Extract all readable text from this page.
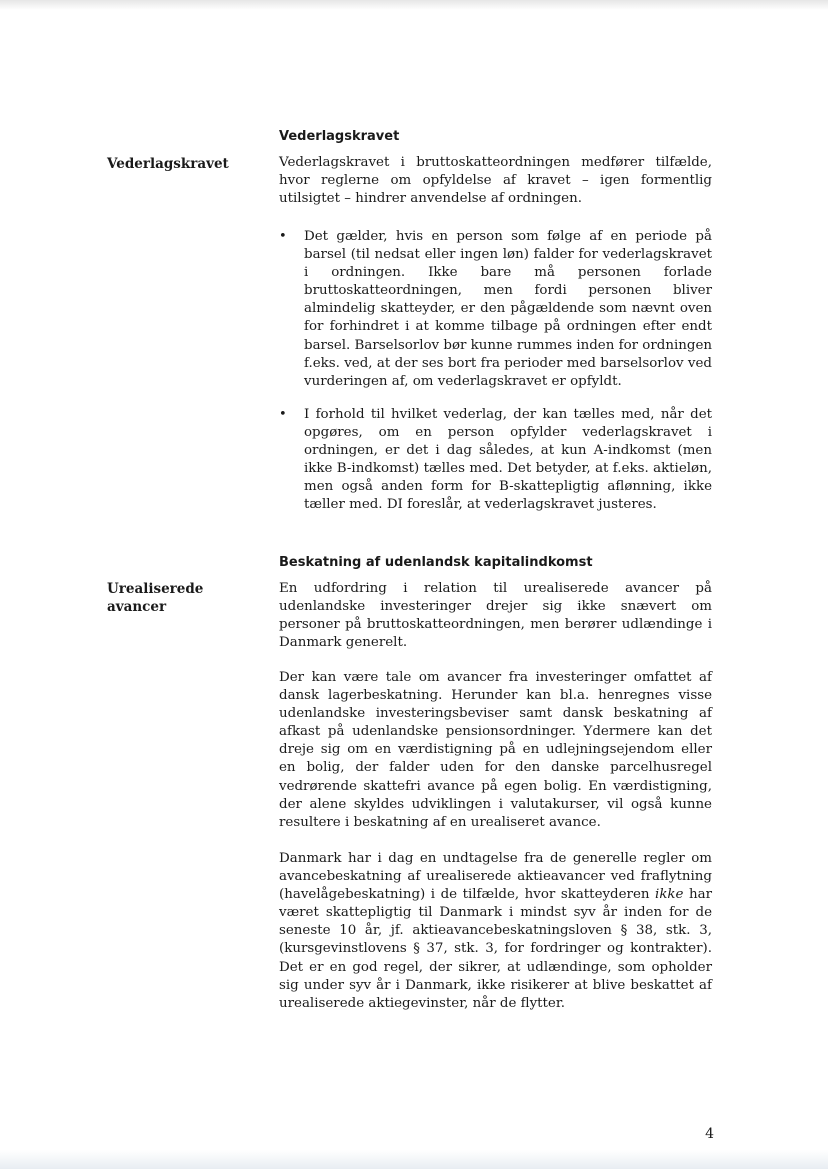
Vederlagskravet
Vederlagskravet	Vederlagskravet i bruttoskatteordningen medfører tilfælde, hvor reglerne om opfyldelse af kravet – igen formentlig utilsigtet – hindrer anvendelse af ordningen.
•	Det gælder, hvis en person som følge af en periode på barsel (til nedsat eller ingen løn) falder for vederlagskravet i ordningen. Ikke bare må personen forlade bruttoskatteordningen, men fordi personen bliver almindelig skatteyder, er den pågældende som nævnt oven for forhindret i at komme tilbage på ordningen efter endt barsel. Barselsorlov bør kunne rummes inden for ordningen f.eks. ved, at der ses bort fra perioder med barselsorlov ved vurderingen af, om vederlagskravet er opfyldt.
•	I forhold til hvilket vederlag, der kan tælles med, når det opgøres, om en person opfylder vederlagskravet i ordningen, er det i dag således, at kun A-indkomst (men ikke B-indkomst) tælles med. Det betyder, at f.eks. aktieløn, men også anden form for B-skattepligtig aflønning, ikke tæller med. DI foreslår, at vederlagskravet justeres.
Beskatning af udenlandsk kapitalindkomst
Urealiserede avancer
En udfordring i relation til urealiserede avancer på udenlandske investeringer drejer sig ikke snævert om personer på bruttoskatteordningen, men berører udlændinge i Danmark generelt.
Der kan være tale om avancer fra investeringer omfattet af dansk lagerbeskatning. Herunder kan bl.a. henregnes visse udenlandske investeringsbeviser samt dansk beskatning af afkast på udenlandske pensionsordninger. Ydermere kan det dreje sig om en værdistigning på en udlejningsejendom eller en bolig, der falder uden for den danske parcelhusregel vedrørende skattefri avance på egen bolig. En værdistigning, der alene skyldes udviklingen i valutakurser, vil også kunne resultere i beskatning af en urealiseret avance.
Danmark har i dag en undtagelse fra de generelle regler om avancebeskatning af urealiserede aktieavancer ved fraflytning (havelågebeskatning) i de tilfælde, hvor skatteyderen ikke har været skattepligtig til Danmark i mindst syv år inden for de seneste 10 år, jf. aktieavancebeskatningsloven § 38, stk. 3, (kursgevinstlovens § 37, stk. 3, for fordringer og kontrakter). Det er en god regel, der sikrer, at udlændinge, som opholder sig under syv år i Danmark, ikke risikerer at blive beskattet af urealiserede aktiegevinster, når de flytter.
4
